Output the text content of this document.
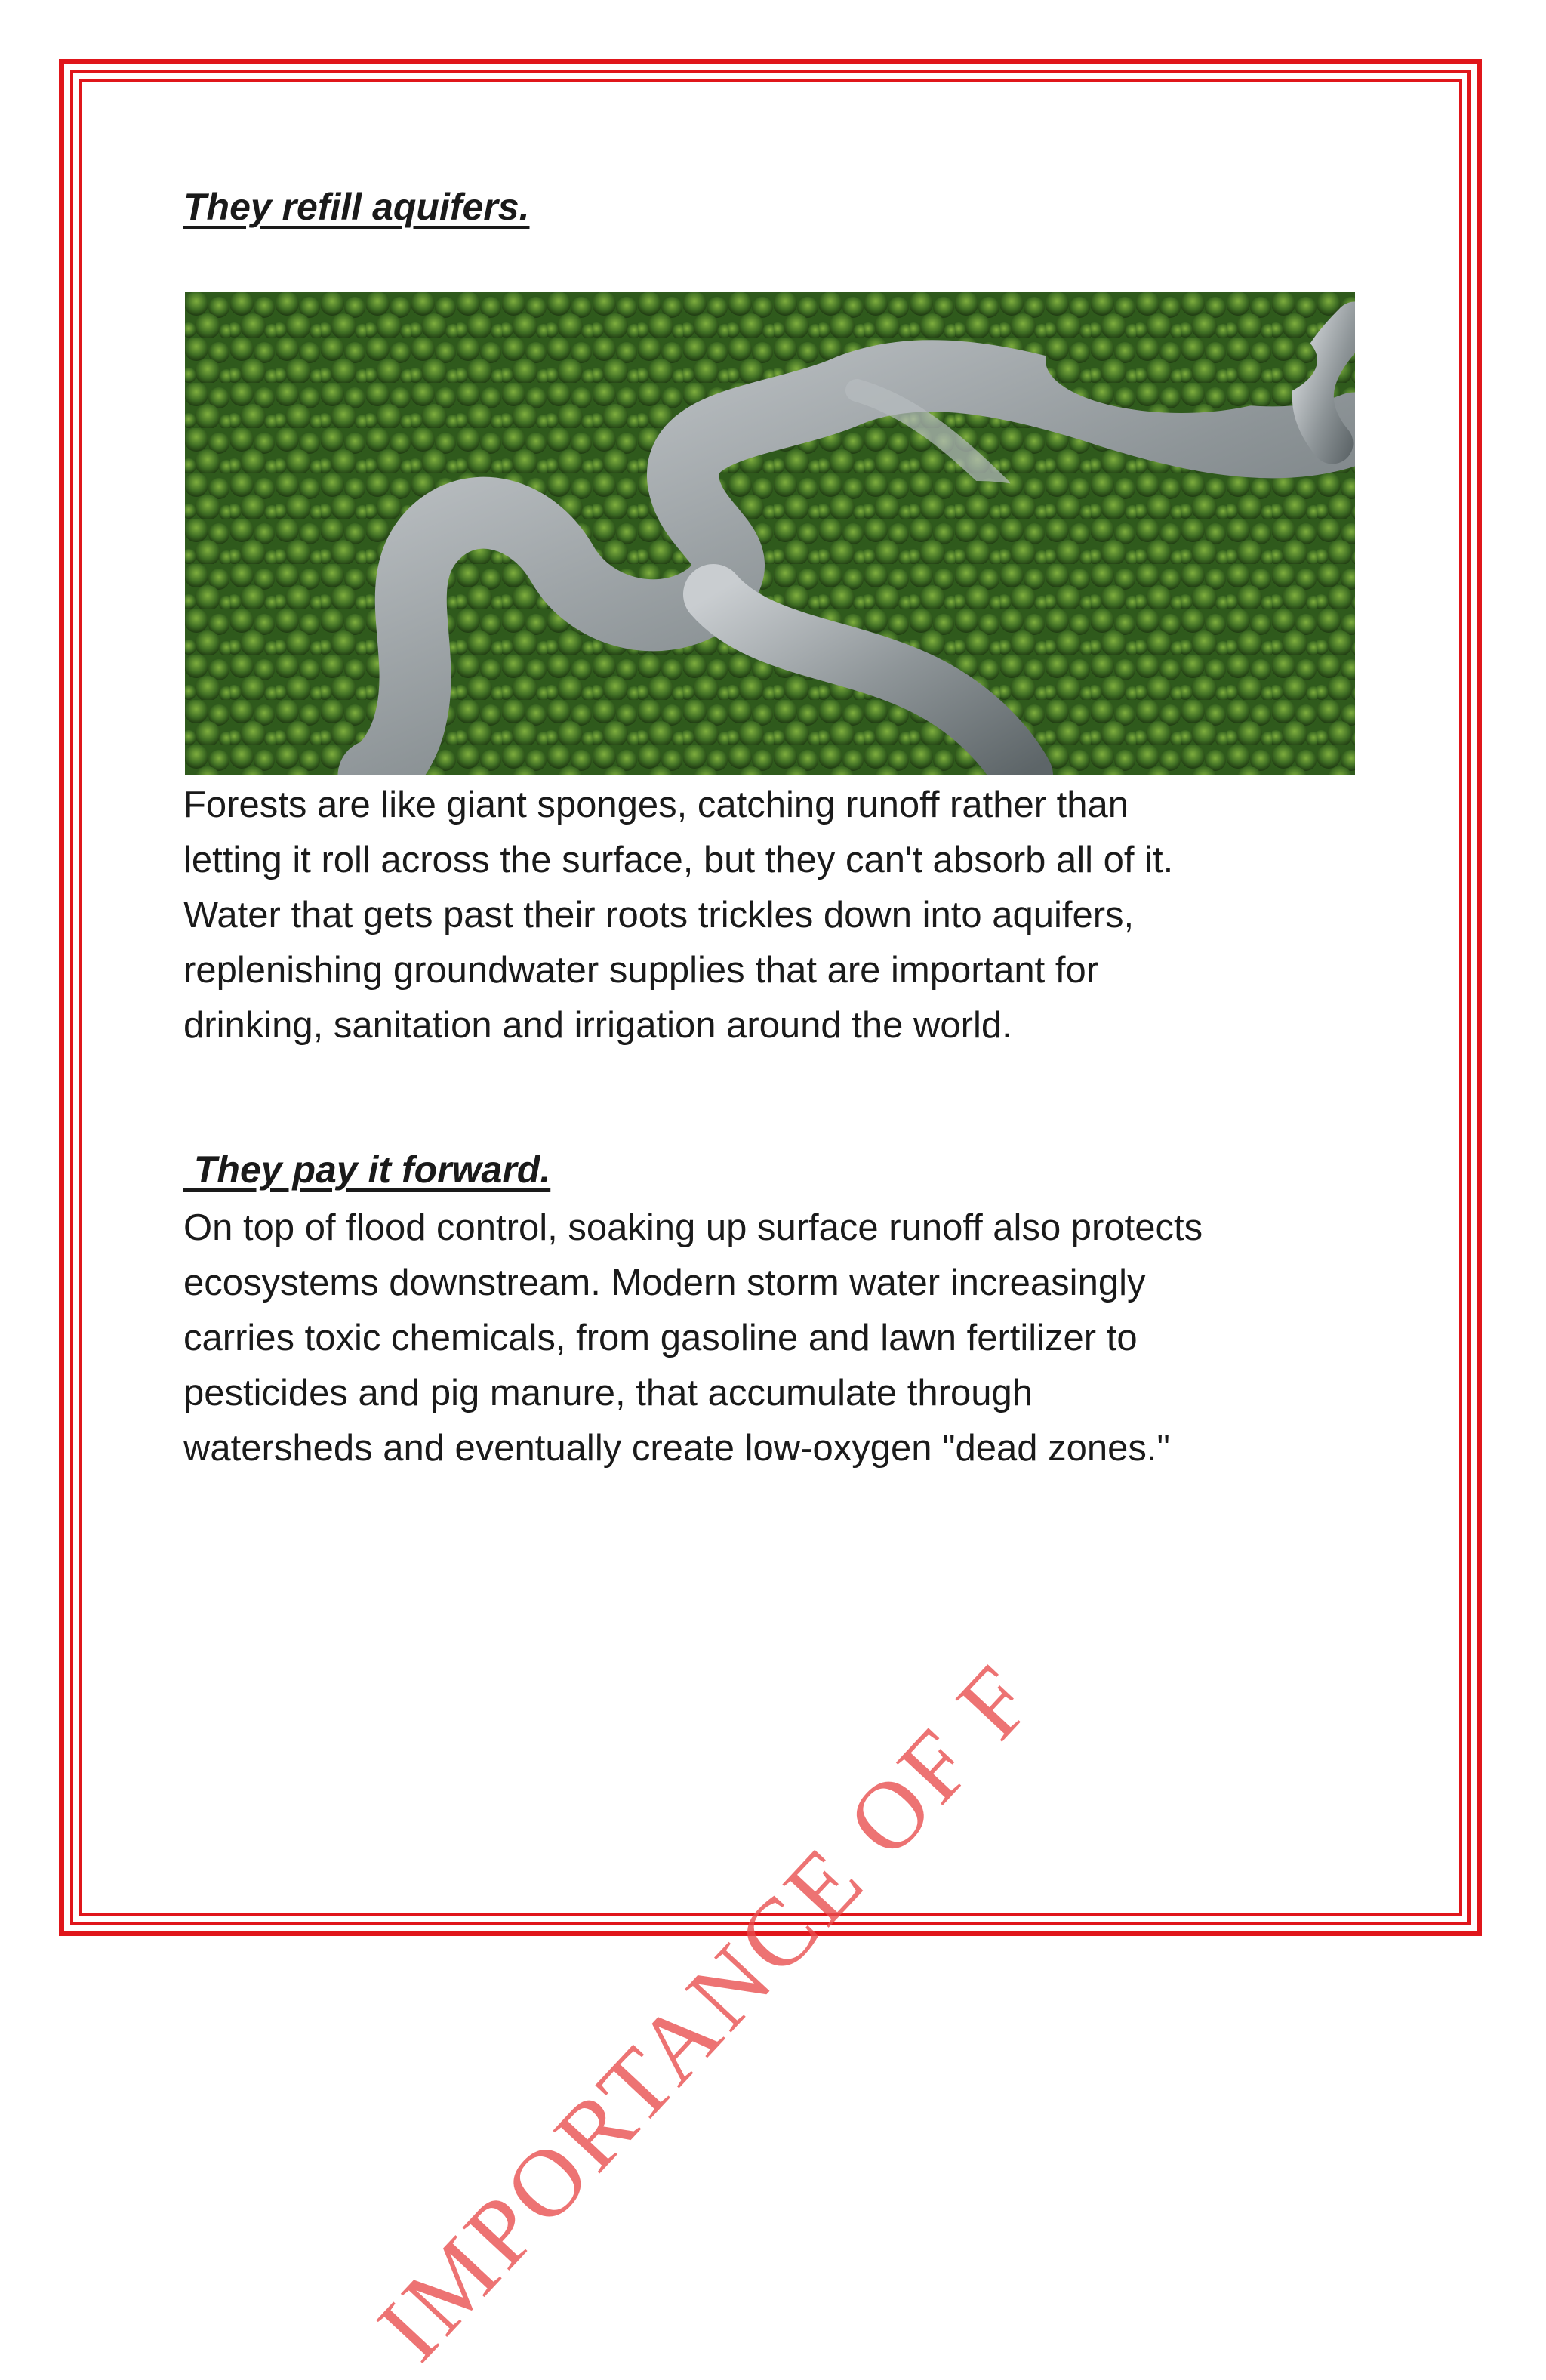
They refill aquifers.

Forests are like giant sponges, catching runoff rather than
letting it roll across the surface, but they can't absorb all of it.
Water that gets past their roots trickles down into aquifers,
replenishing groundwater supplies that are important for
drinking, sanitation and irrigation around the world.

They pay it forward.

On top of flood control, soaking up surface runoff also protects
ecosystems downstream. Modern storm water increasingly
carries toxic chemicals, from gasoline and lawn fertilizer to
pesticides and pig manure, that accumulate through
watersheds and eventually create low-oxygen "dead zones."

IMPORTANCE OF F
